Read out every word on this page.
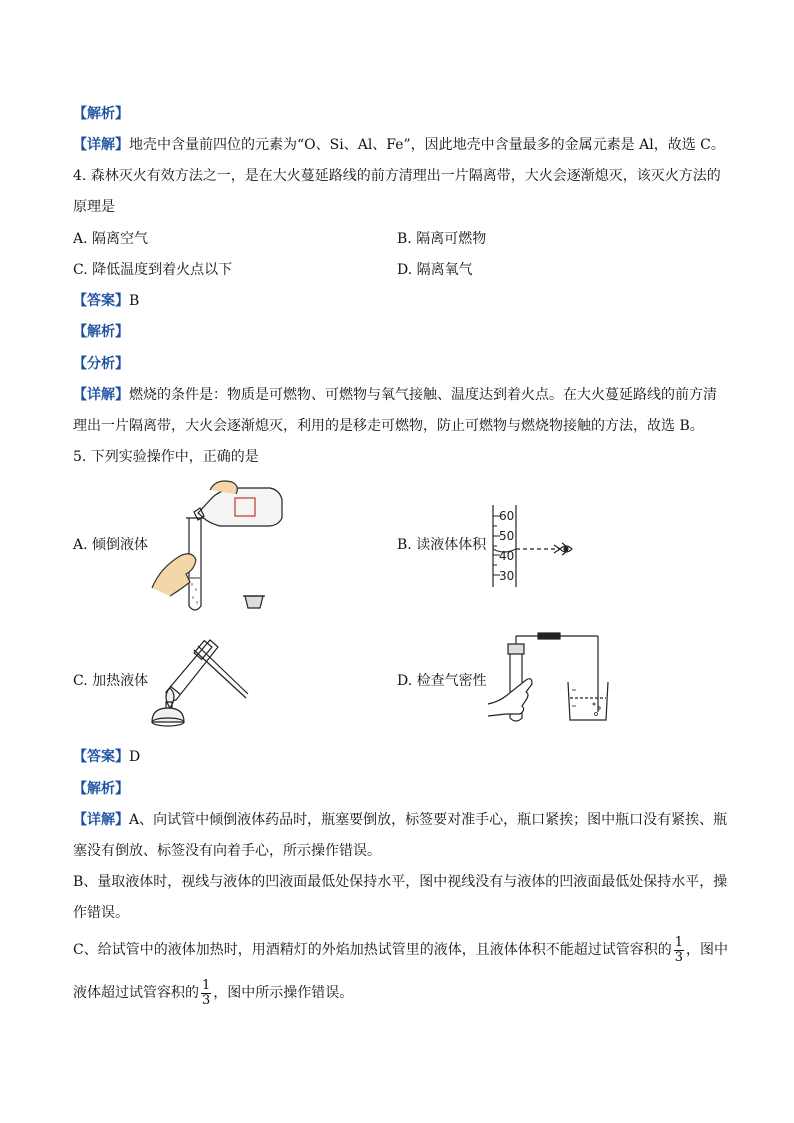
【解析】
【详解】地壳中含量前四位的元素为“O、Si、Al、Fe”，因此地壳中含量最多的金属元素是 Al，故选 C。
4. 森林灭火有效方法之一，是在大火蔓延路线的前方清理出一片隔离带，大火会逐渐熄灭，该灭火方法的
原理是
A. 隔离空气	B. 隔离可燃物
C. 降低温度到着火点以下	D. 隔离氧气
【答案】B
【解析】
【分析】
【详解】燃烧的条件是：物质是可燃物、可燃物与氧气接触、温度达到着火点。在大火蔓延路线的前方清
理出一片隔离带，大火会逐渐熄灭，利用的是移走可燃物，防止可燃物与燃烧物接触的方法，故选 B。
5. 下列实验操作中，正确的是
A. 倾倒液体	B. 读液体体积
C. 加热液体	D. 检查气密性
60
50
40
30
【答案】D
【解析】
【详解】A、向试管中倾倒液体药品时，瓶塞要倒放，标签要对准手心，瓶口紧挨；图中瓶口没有紧挨、瓶
塞没有倒放、标签没有向着手心，所示操作错误。
B、量取液体时，视线与液体的凹液面最低处保持水平，图中视线没有与液体的凹液面最低处保持水平，操
作错误。
C、给试管中的液体加热时，用酒精灯的外焰加热试管里的液体，且液体体积不能超过试管容积的 $\frac{1}{3}$ ，图中
液体超过试管容积的 $\frac{1}{3}$ ，图中所示操作错误。
